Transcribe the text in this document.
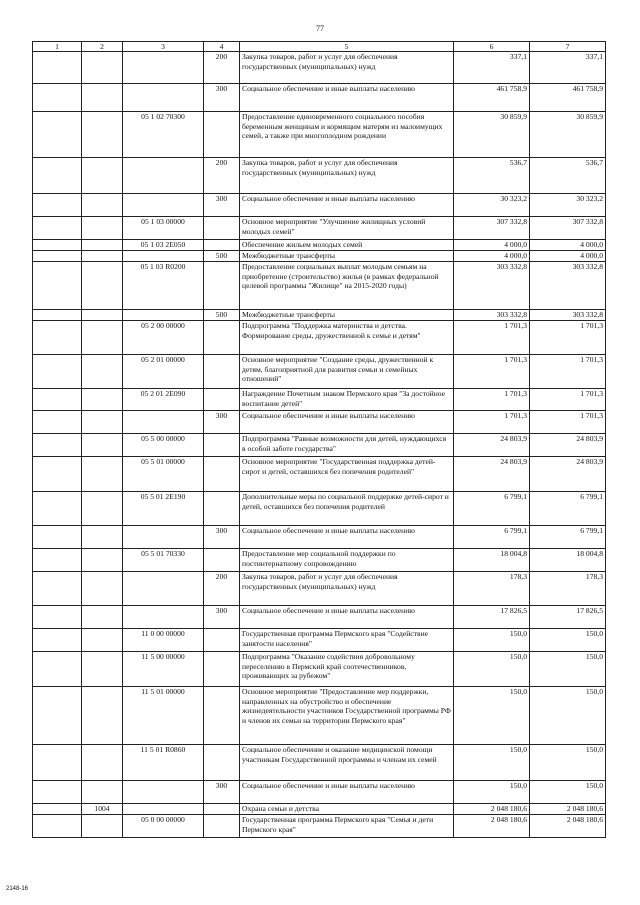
77
1	2	3	4	5	6	7
			200	Закупка товаров, работ и услуг для обеспечения государственных (муниципальных) нужд	337,1	337,1
			300	Социальное обеспечение и иные выплаты населению	461 758,9	461 758,9
		05 1 02 70300		Предоставление единовременного социального пособия беременным женщинам и кормящим матерям из малоимущих семей, а также при многоплодном рождении	30 859,9	30 859,9
			200	Закупка товаров, работ и услуг для обеспечения государственных (муниципальных) нужд	536,7	536,7
			300	Социальное обеспечение и иные выплаты населению	30 323,2	30 323,2
		05 1 03 00000		Основное мероприятие "Улучшение жилищных условий молодых семей"	307 332,8	307 332,8
		05 1 03 2Е050		Обеспечение жильем молодых семей	4 000,0	4 000,0
			500	Межбюджетные трансферты	4 000,0	4 000,0
		05 1 03 R0200		Предоставление социальных выплат молодым семьям на приобретение (строительство) жилья (в рамках федеральной целевой программы "Жилище" на 2015-2020 годы)	303 332,8	303 332,8
			500	Межбюджетные трансферты	303 332,8	303 332,8
		05 2 00 00000		Подпрограмма "Поддержка материнства и детства. Формирование среды, дружественной к семье и детям"	1 701,3	1 701,3
		05 2 01 00000		Основное мероприятие "Создание среды, дружественной к детям, благоприятной для развития семьи и семейных отношений"	1 701,3	1 701,3
		05 2 01 2Е090		Награждение Почетным знаком Пермского края "За достойное воспитание детей"	1 701,3	1 701,3
			300	Социальное обеспечение и иные выплаты населению	1 701,3	1 701,3
		05 5 00 00000		Подпрограмма "Равные возможности для детей, нуждающихся в особой заботе государства"	24 803,9	24 803,9
		05 5 01 00000		Основное мероприятие "Государственная поддержка детей-сирот и детей, оставшихся без попечения родителей"	24 803,9	24 803,9
		05 5 01 2Е190		Дополнительные меры по социальной поддержке детей-сирот и детей, оставшихся без попечения родителей	6 799,1	6 799,1
			300	Социальное обеспечение и иные выплаты населению	6 799,1	6 799,1
		05 5 01 70330		Предоставление мер социальной поддержки по постинтернатному сопровождению	18 004,8	18 004,8
			200	Закупка товаров, работ и услуг для обеспечения государственных (муниципальных) нужд	178,3	178,3
			300	Социальное обеспечение и иные выплаты населению	17 826,5	17 826,5
		11 0 00 00000		Государственная программа Пермского края "Содействие занятости населения"	150,0	150,0
		11 5 00 00000		Подпрограмма "Оказание содействия добровольному переселению в Пермский край соотечественников, проживающих за рубежом"	150,0	150,0
		11 5 01 00000		Основное мероприятие "Предоставление мер поддержки, направленных на обустройство и обеспечение жизнедеятельности участников Государственной программы РФ и членов их семьи на территории Пермского края"	150,0	150,0
		11 5 01 R0860		Социальное обеспечение и оказание медицинской помощи участникам Государственной программы и членам их семей	150,0	150,0
			300	Социальное обеспечение и иные выплаты населению	150,0	150,0
	1004			Охрана семьи и детства	2 048 180,6	2 048 180,6
		05 0 00 00000		Государственная программа Пермского края "Семья и дети Пермского края"	2 048 180,6	2 048 180,6
2148-16
